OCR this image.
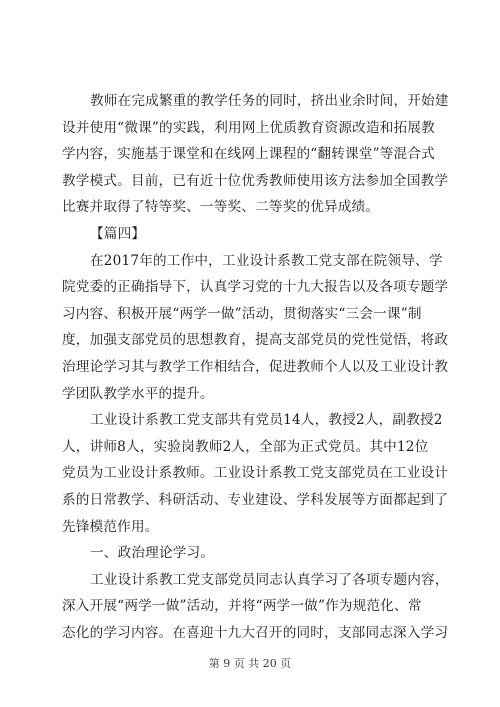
教师在完成繁重的教学任务的同时，挤出业余时间，开始建
设并使用“微课”的实践，利用网上优质教育资源改造和拓展教
学内容，实施基于课堂和在线网上课程的“翻转课堂”等混合式
教学模式。目前，已有近十位优秀教师使用该方法参加全国教学
比赛并取得了特等奖、一等奖、二等奖的优异成绩。
【篇四】
在2017年的工作中，工业设计系教工党支部在院领导、学
院党委的正确指导下，认真学习党的十九大报告以及各项专题学
习内容、积极开展“两学一做”活动，贯彻落实“三会一课”制
度，加强支部党员的思想教育，提高支部党员的党性觉悟，将政
治理论学习其与教学工作相结合，促进教师个人以及工业设计教
学团队教学水平的提升。
工业设计系教工党支部共有党员14人，教授2人，副教授2
人，讲师8人，实验岗教师2人，全部为正式党员。其中12位
党员为工业设计系教师。工业设计系教工党支部党员在工业设计
系的日常教学、科研活动、专业建设、学科发展等方面都起到了
先锋模范作用。
一、政治理论学习。
工业设计系教工党支部党员同志认真学习了各项专题内容，
深入开展“两学一做”活动，并将“两学一做”作为规范化、常
态化的学习内容。在喜迎十九大召开的同时，支部同志深入学习
第 9 页 共 20 页
